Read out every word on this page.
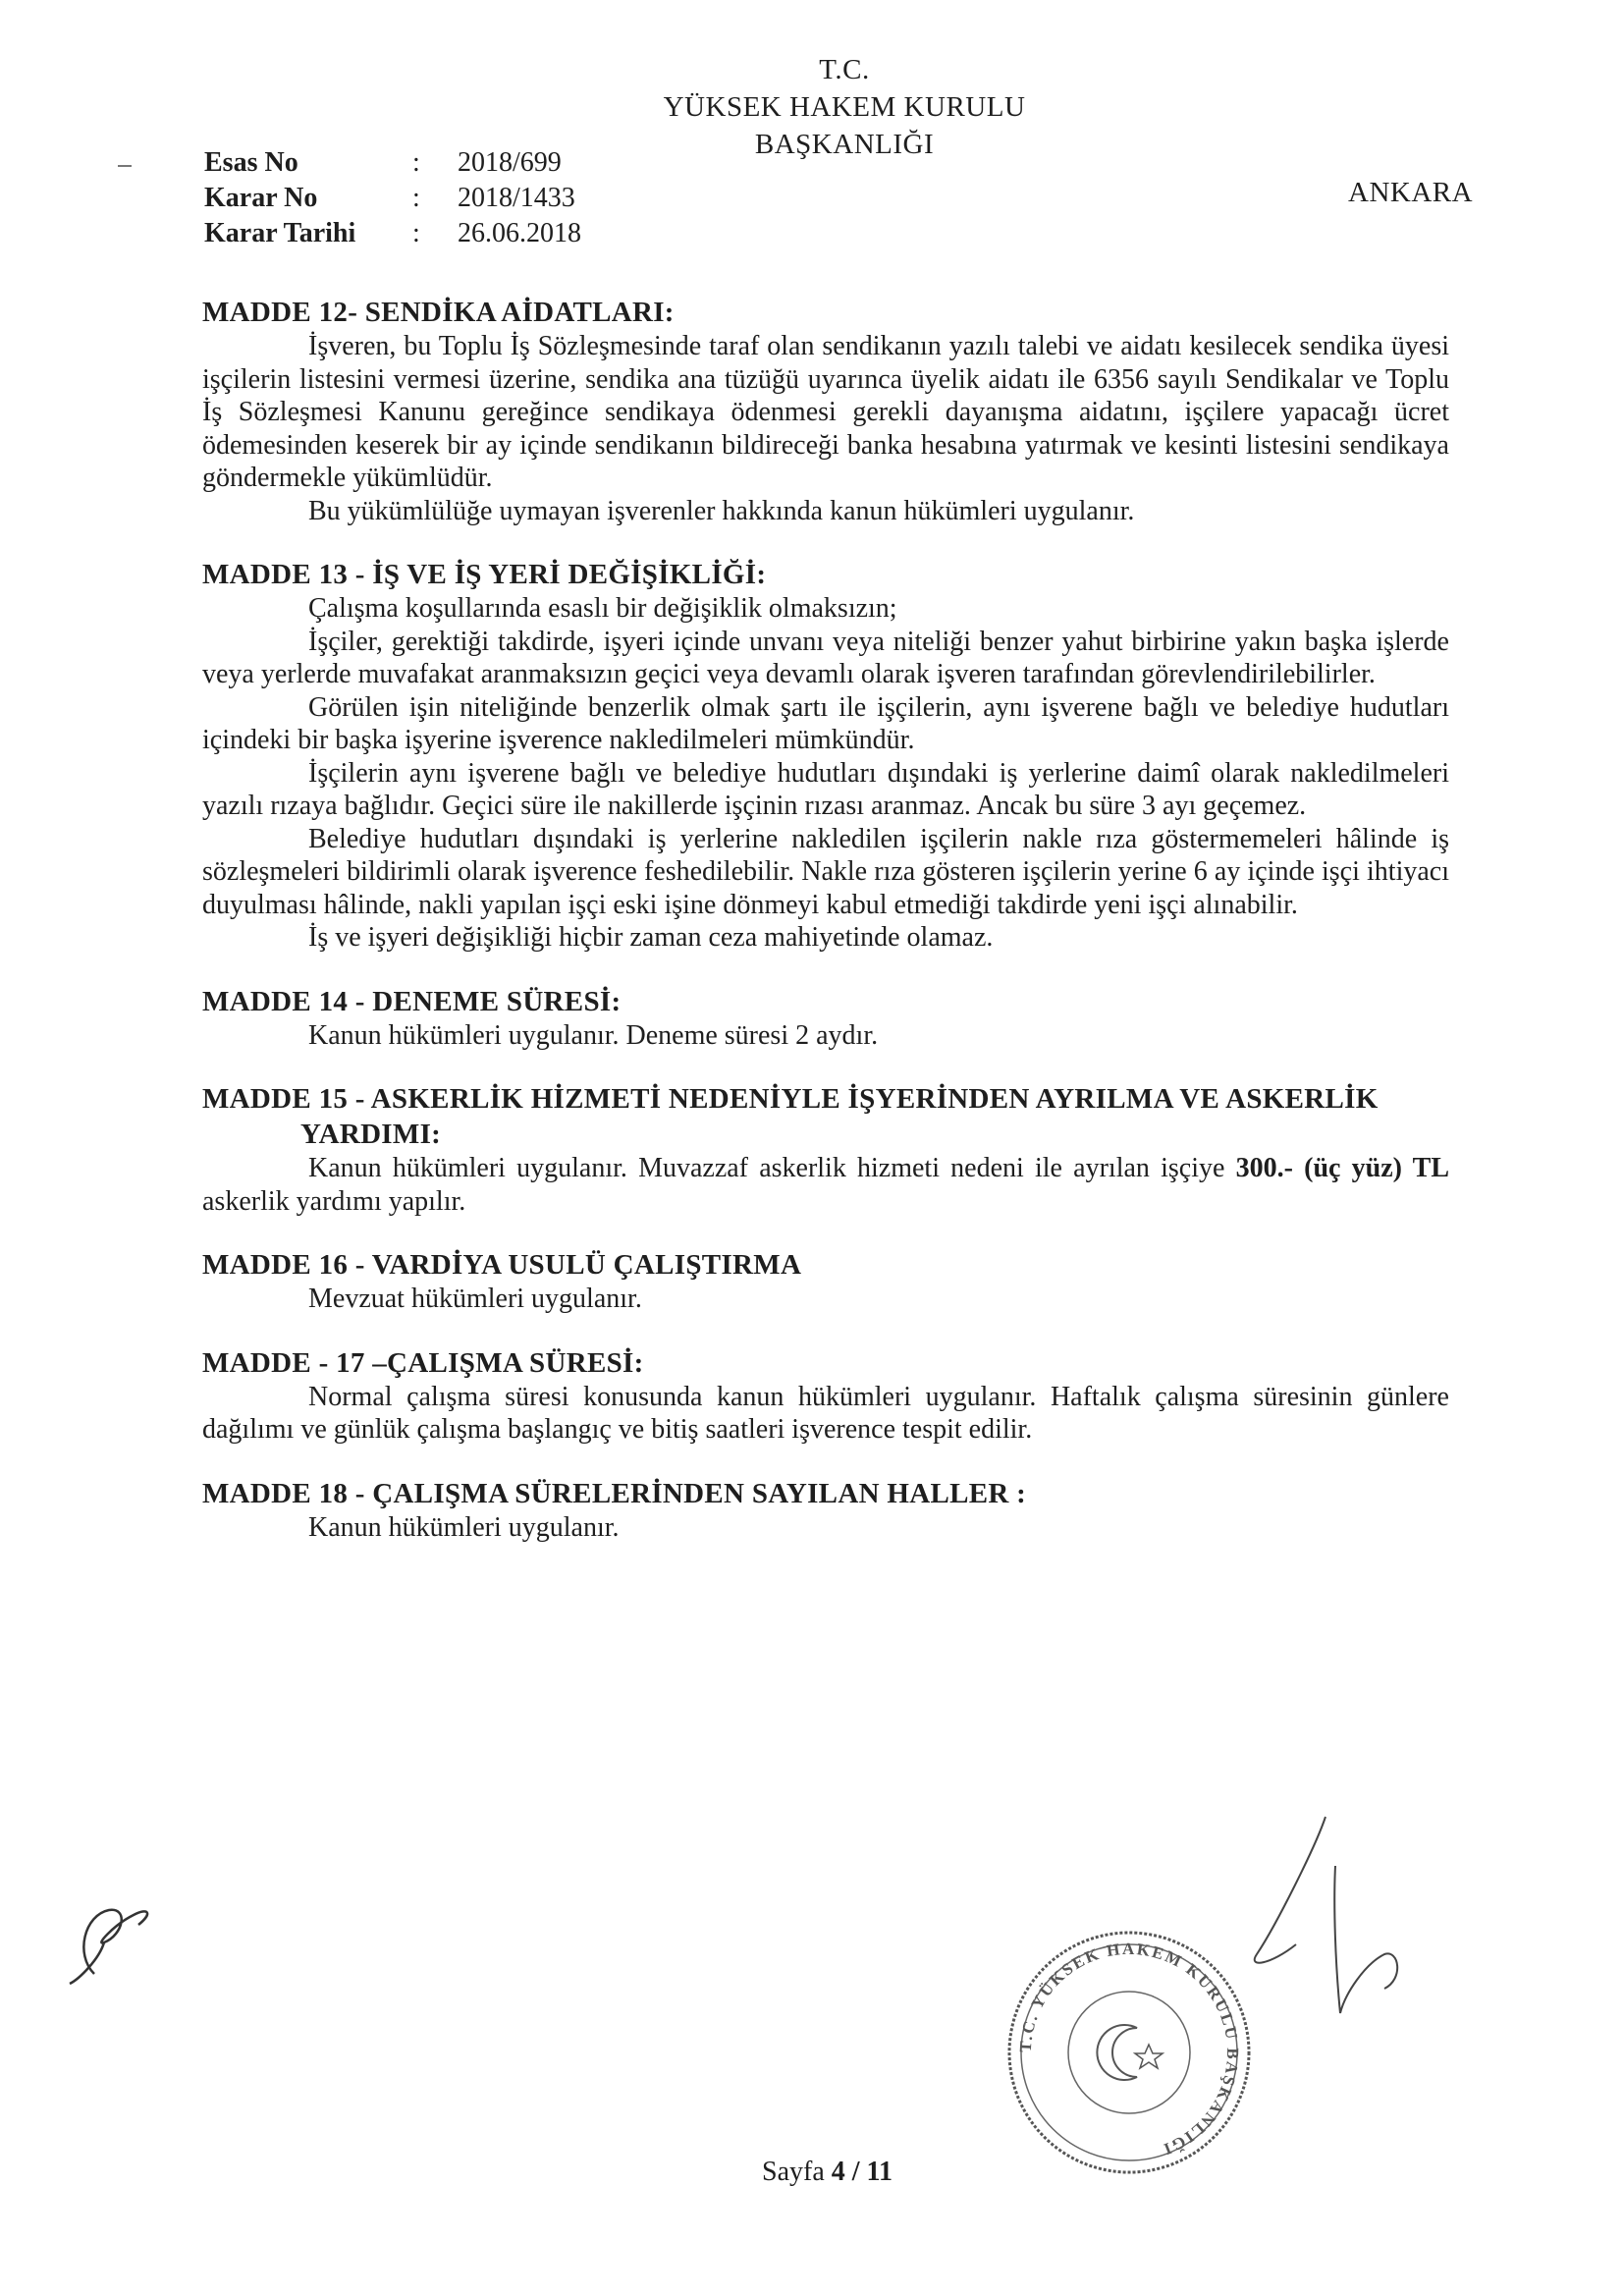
T.C.
YÜKSEK HAKEM KURULU
BAŞKANLIĞI
ANKARA
Esas No	:	2018/699
Karar No	:	2018/1433
Karar Tarihi	:	26.06.2018
MADDE 12- SENDİKA AİDATLARI:

İşveren, bu Toplu İş Sözleşmesinde taraf olan sendikanın yazılı talebi ve aidatı kesilecek sendika üyesi işçilerin listesini vermesi üzerine, sendika ana tüzüğü uyarınca üyelik aidatı ile 6356 sayılı Sendikalar ve Toplu İş Sözleşmesi Kanunu gereğince sendikaya ödenmesi gerekli dayanışma aidatını, işçilere yapacağı ücret ödemesinden keserek bir ay içinde sendikanın bildireceği banka hesabına yatırmak ve kesinti listesini sendikaya göndermekle yükümlüdür.

Bu yükümlülüğe uymayan işverenler hakkında kanun hükümleri uygulanır.

MADDE 13 - İŞ VE İŞ YERİ DEĞİŞİKLİĞİ:

Çalışma koşullarında esaslı bir değişiklik olmaksızın;

İşçiler, gerektiği takdirde, işyeri içinde unvanı veya niteliği benzer yahut birbirine yakın başka işlerde veya yerlerde muvafakat aranmaksızın geçici veya devamlı olarak işveren tarafından görevlendirilebilirler.

Görülen işin niteliğinde benzerlik olmak şartı ile işçilerin, aynı işverene bağlı ve belediye hudutları içindeki bir başka işyerine işverence nakledilmeleri mümkündür.

İşçilerin aynı işverene bağlı ve belediye hudutları dışındaki iş yerlerine daimî olarak nakledilmeleri yazılı rızaya bağlıdır. Geçici süre ile nakillerde işçinin rızası aranmaz. Ancak bu süre 3 ayı geçemez.

Belediye hudutları dışındaki iş yerlerine nakledilen işçilerin nakle rıza göstermemeleri hâlinde iş sözleşmeleri bildirimli olarak işverence feshedilebilir. Nakle rıza gösteren işçilerin yerine 6 ay içinde işçi ihtiyacı duyulması hâlinde, nakli yapılan işçi eski işine dönmeyi kabul etmediği takdirde yeni işçi alınabilir.

İş ve işyeri değişikliği hiçbir zaman ceza mahiyetinde olamaz.

MADDE 14 - DENEME SÜRESİ:

Kanun hükümleri uygulanır. Deneme süresi 2 aydır.

MADDE 15 - ASKERLİK HİZMETİ NEDENİYLE İŞYERİNDEN AYRILMA VE ASKERLİK YARDIMI:

Kanun hükümleri uygulanır. Muvazzaf askerlik hizmeti nedeni ile ayrılan işçiye 300.- (üç yüz) TL askerlik yardımı yapılır.

MADDE 16 - VARDİYA USULÜ ÇALIŞTIRMA

Mevzuat hükümleri uygulanır.

MADDE - 17 –ÇALIŞMA SÜRESİ:

Normal çalışma süresi konusunda kanun hükümleri uygulanır. Haftalık çalışma süresinin günlere dağılımı ve günlük çalışma başlangıç ve bitiş saatleri işverence tespit edilir.

MADDE 18 - ÇALIŞMA SÜRELERİNDEN SAYILAN HALLER :

Kanun hükümleri uygulanır.

T.C. YÜKSEK HAKEM KURULU BAŞKANLIĞI
Sayfa 4 / 11
